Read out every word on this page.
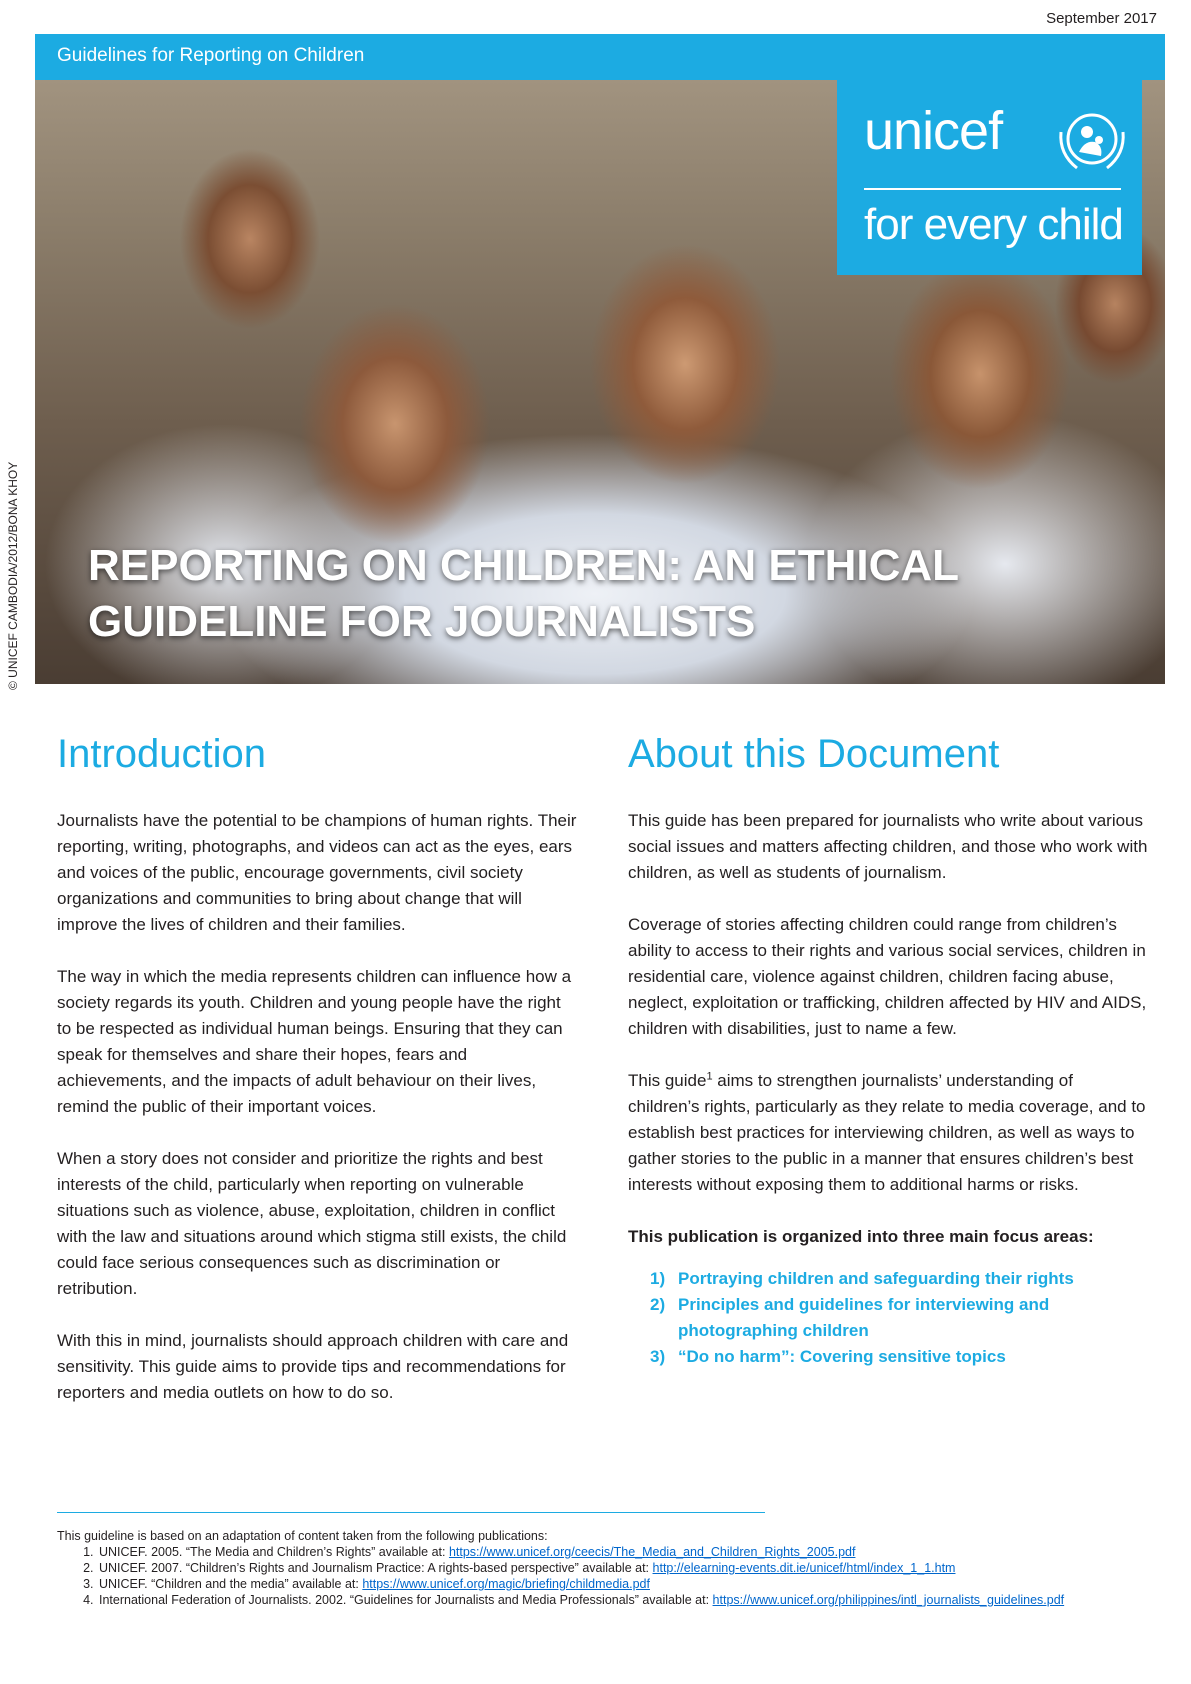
September 2017
Guidelines for Reporting on Children
unicef
for every child
REPORTING ON CHILDREN: AN ETHICAL
GUIDELINE FOR JOURNALISTS
© UNICEF CAMBODIA/2012/BONA KHOY
Introduction

Journalists have the potential to be champions of human rights. Their reporting, writing, photographs, and videos can act as the eyes, ears and voices of the public, encourage governments, civil society organizations and communities to bring about change that will improve the lives of children and their families.

The way in which the media represents children can influence how a society regards its youth. Children and young people have the right to be respected as individual human beings. Ensuring that they can speak for themselves and share their hopes, fears and achievements, and the impacts of adult behaviour on their lives, remind the public of their important voices.

When a story does not consider and prioritize the rights and best interests of the child, particularly when reporting on vulnerable situations such as violence, abuse, exploitation, children in conflict with the law and situations around which stigma still exists, the child could face serious consequences such as discrimination or retribution.

With this in mind, journalists should approach children with care and sensitivity. This guide aims to provide tips and recommendations for reporters and media outlets on how to do so.

About this Document

This guide has been prepared for journalists who write about various social issues and matters affecting children, and those who work with children, as well as students of journalism.

Coverage of stories affecting children could range from children’s ability to access to their rights and various social services, children in residential care, violence against children, children facing abuse, neglect, exploitation or trafficking, children affected by HIV and AIDS, children with disabilities, just to name a few.

This guide$^1$ aims to strengthen journalists’ understanding of children’s rights, particularly as they relate to media coverage, and to establish best practices for interviewing children, as well as ways to gather stories to the public in a manner that ensures children’s best interests without exposing them to additional harms or risks.

This publication is organized into three main focus areas:

1) Portraying children and safeguarding their rights
2) Principles and guidelines for interviewing and photographing children
3) “Do no harm”: Covering sensitive topics
This guideline is based on an adaptation of content taken from the following publications:
1. UNICEF. 2005. “The Media and Children’s Rights” available at: https://www.unicef.org/ceecis/The_Media_and_Children_Rights_2005.pdf
2. UNICEF. 2007. “Children’s Rights and Journalism Practice: A rights-based perspective” available at: http://elearning-events.dit.ie/unicef/html/index_1_1.htm
3. UNICEF. “Children and the media” available at: https://www.unicef.org/magic/briefing/childmedia.pdf
4. International Federation of Journalists. 2002. “Guidelines for Journalists and Media Professionals” available at: https://www.unicef.org/philippines/intl_journalists_guidelines.pdf
